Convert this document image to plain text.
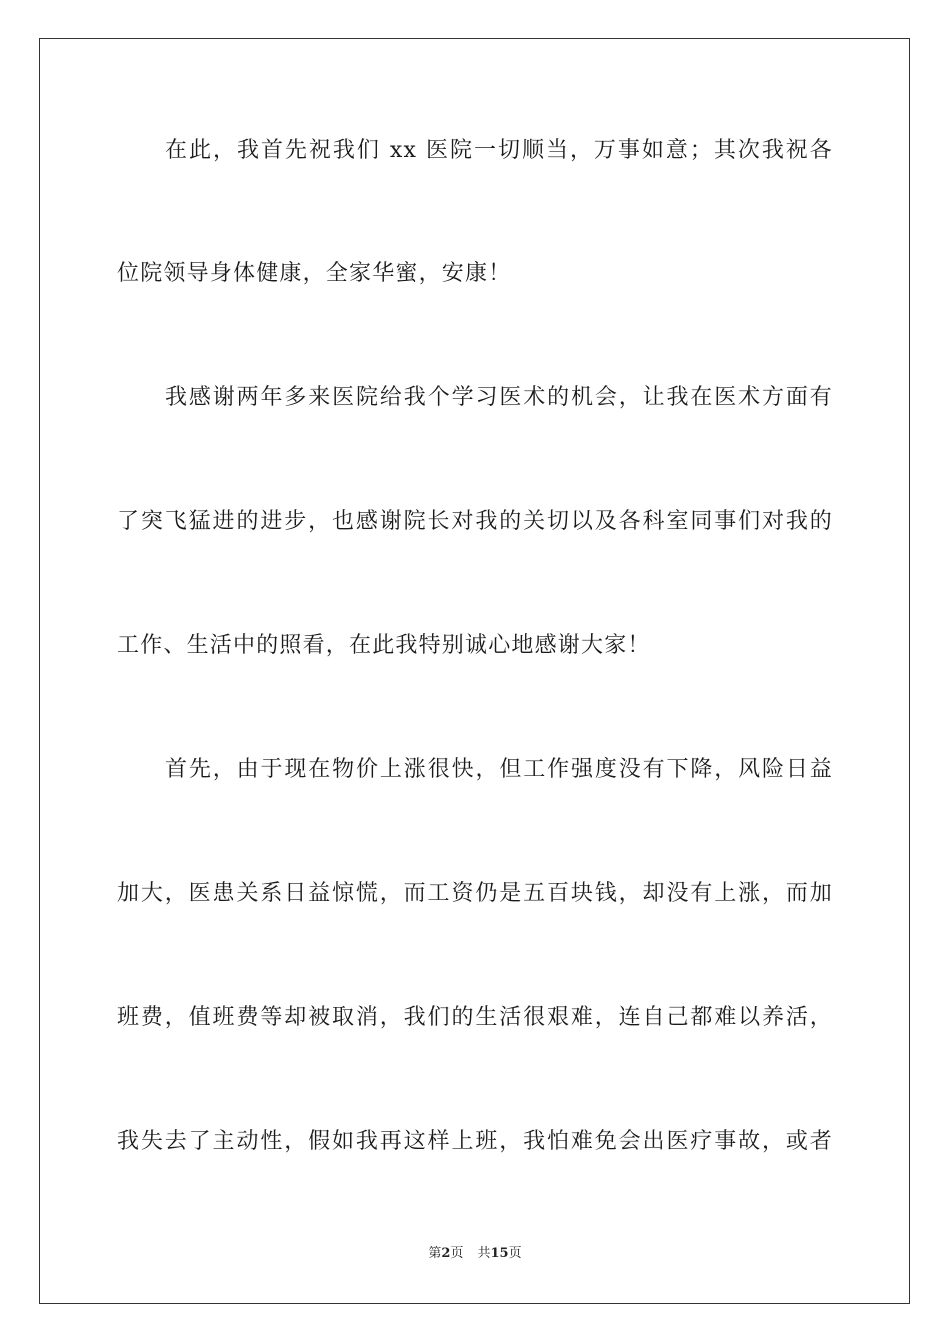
在此，我首先祝我们 xx 医院一切顺当，万事如意；其次我祝各
位院领导身体健康，全家华蜜，安康！
我感谢两年多来医院给我个学习医术的机会，让我在医术方面有
了突飞猛进的进步，也感谢院长对我的关切以及各科室同事们对我的
工作、生活中的照看，在此我特别诚心地感谢大家！
首先，由于现在物价上涨很快，但工作强度没有下降，风险日益
加大，医患关系日益惊慌，而工资仍是五百块钱，却没有上涨，而加
班费，值班费等却被取消，我们的生活很艰难，连自己都难以养活，
我失去了主动性，假如我再这样上班，我怕难免会出医疗事故，或者
第2页 共15页
